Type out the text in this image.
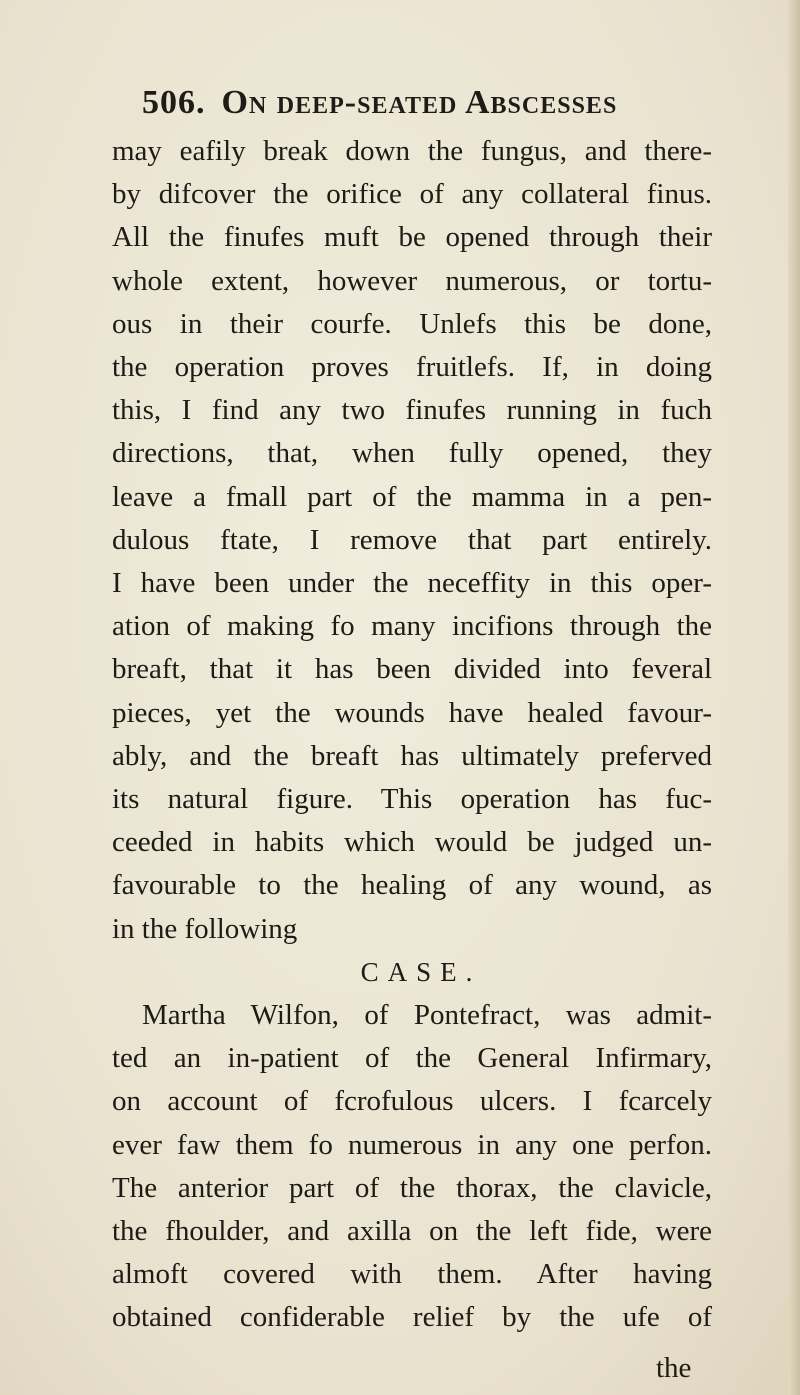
506. On deep-seated Abscesses
may eafily break down the fungus, and there-
by difcover the orifice of any collateral finus.
All the finufes muft be opened through their
whole extent, however numerous, or tortu-
ous in their courfe. Unlefs this be done,
the operation proves fruitlefs. If, in doing
this, I find any two finufes running in fuch
directions, that, when fully opened, they
leave a fmall part of the mamma in a pen-
dulous ftate, I remove that part entirely.
I have been under the neceffity in this oper-
ation of making fo many incifions through the
breaft, that it has been divided into feveral
pieces, yet the wounds have healed favour-
ably, and the breaft has ultimately preferved
its natural figure. This operation has fuc-
ceeded in habits which would be judged un-
favourable to the healing of any wound, as
in the following
CASE.
Martha Wilfon, of Pontefract, was admit-
ted an in-patient of the General Infirmary,
on account of fcrofulous ulcers. I fcarcely
ever faw them fo numerous in any one perfon.
The anterior part of the thorax, the clavicle,
the fhoulder, and axilla on the left fide, were
almoft covered with them. After having
obtained confiderable relief by the ufe of
the
